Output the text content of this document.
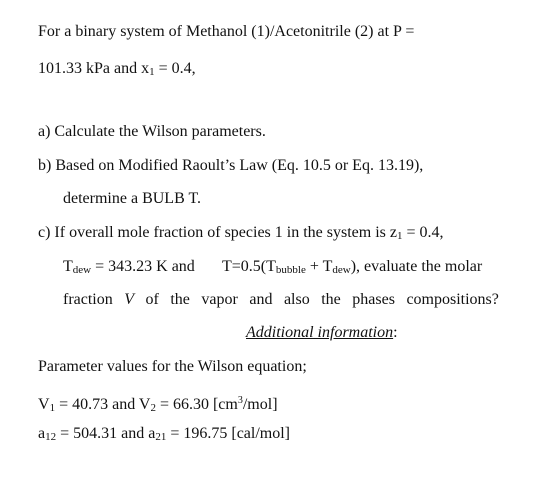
For a binary system of Methanol (1)/Acetonitrile (2) at P =
101.33 kPa and x1 = 0.4,
a) Calculate the Wilson parameters.
b) Based on Modified Raoult’s Law (Eq. 10.5 or Eq. 13.19),
determine a BULB T.
c) If overall mole fraction of species 1 in the system is z1 = 0.4,
Tdew = 343.23 K and T=0.5(Tbubble + Tdew), evaluate the molar
fraction V of the vapor and also the phases compositions?
Additional information:
Parameter values for the Wilson equation;
V1 = 40.73 and V2 = 66.30 $[cm^3/mol]$
a12 = 504.31 and a21 = 196.75 [cal/mol]
